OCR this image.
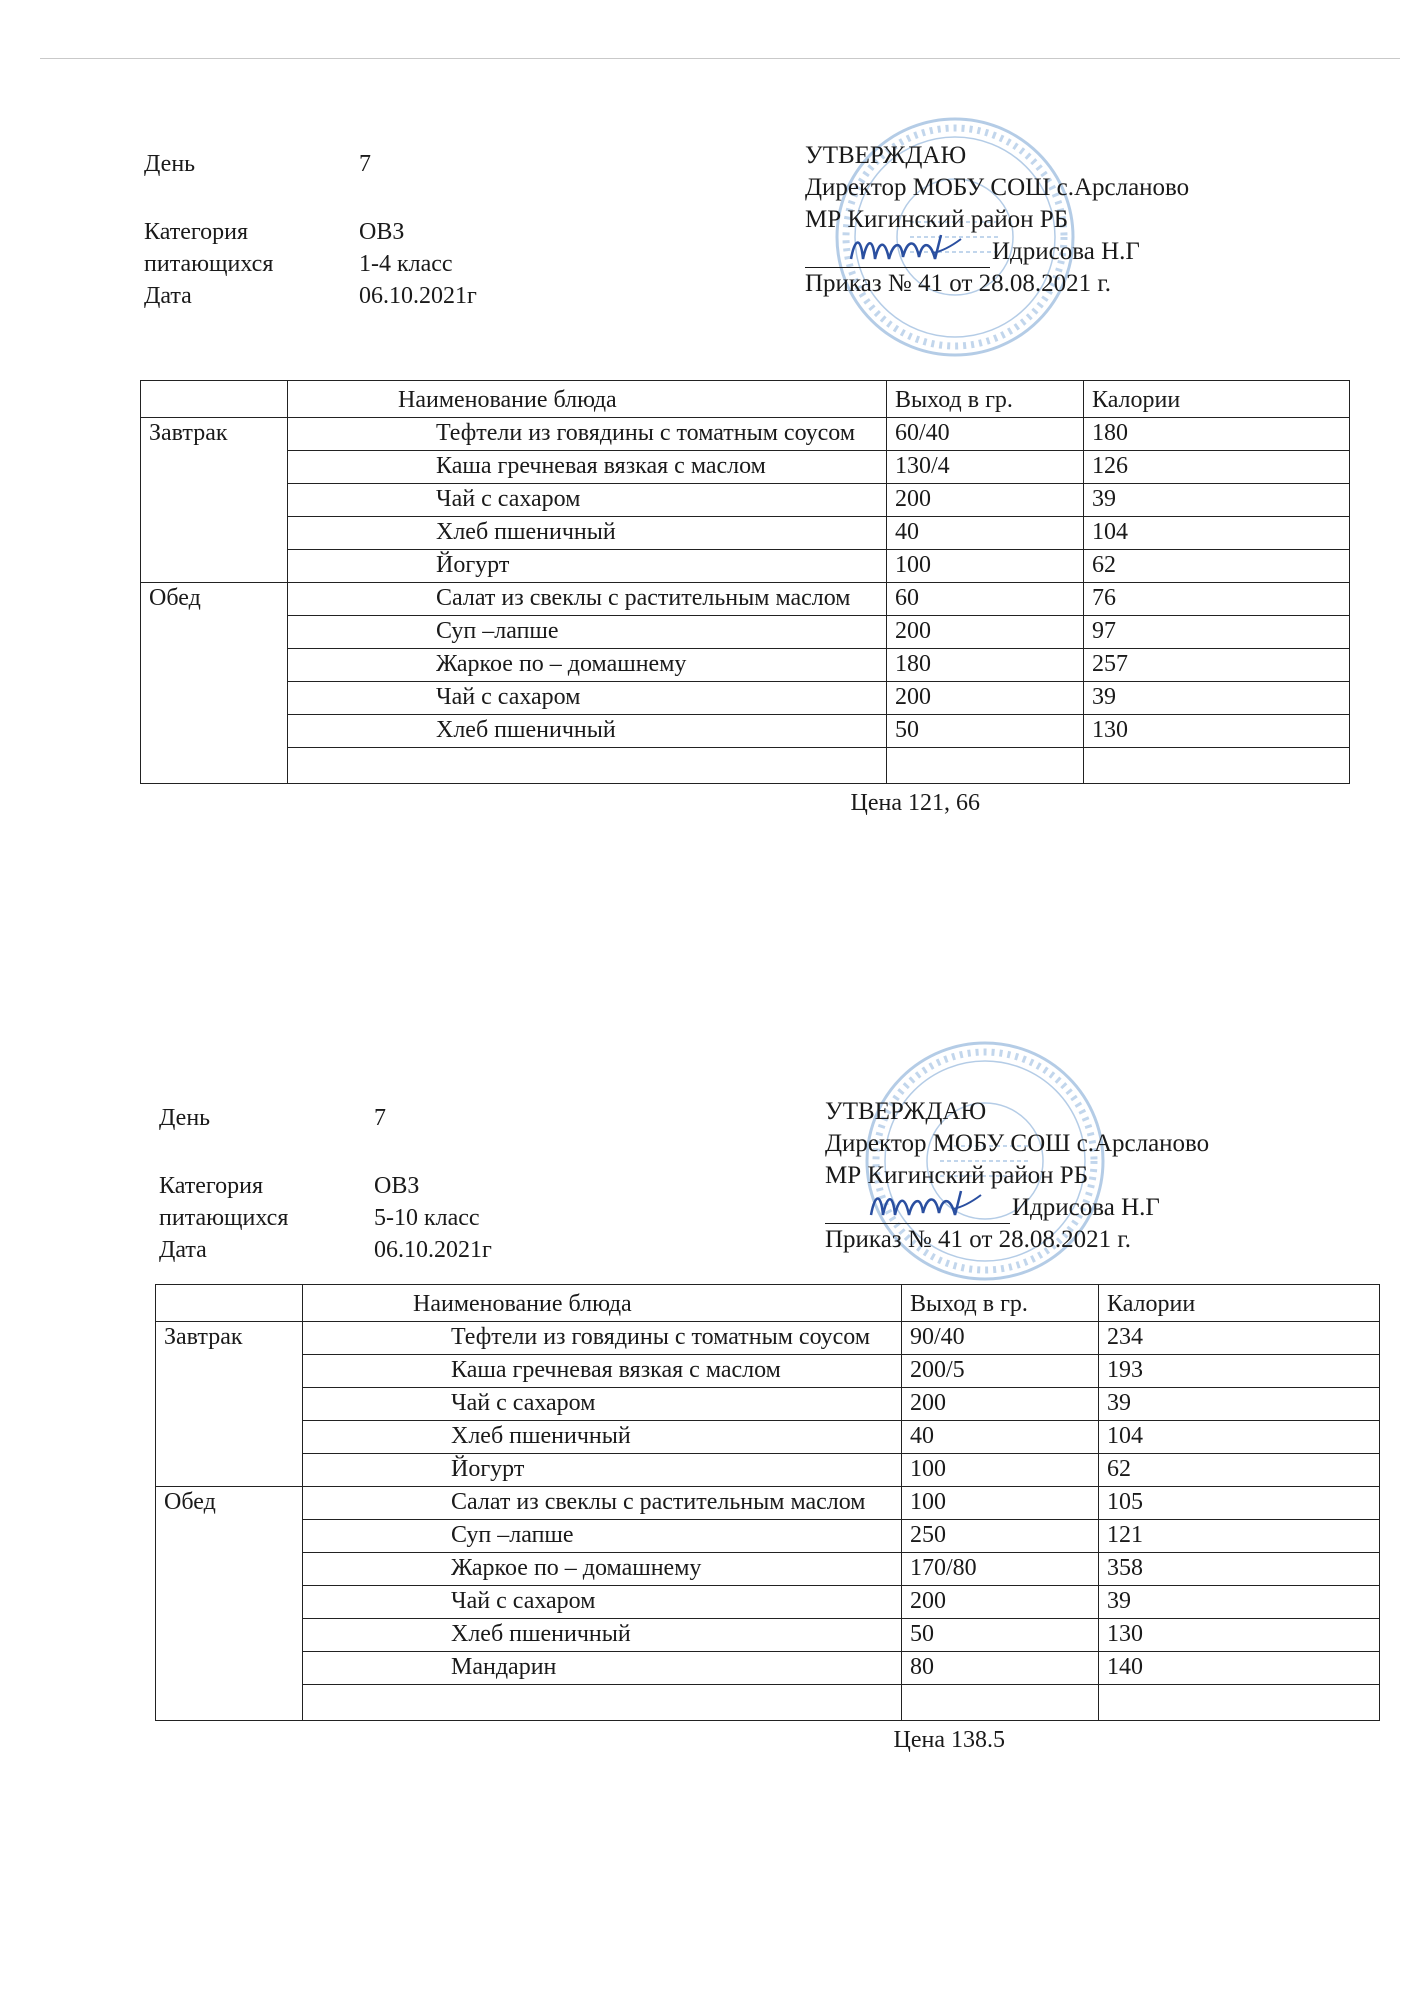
День	7
Категория	ОВЗ
питающихся	1-4 класс
Дата	06.10.2021г
УТВЕРЖДАЮ
Директор МОБУ СОШ с.Арсланово
МР Кигинский район РБ
Идрисова Н.Г
Приказ № 41 от 28.08.2021 г.
	Наименование блюда	Выход в гр.	Калории
Завтрак	Тефтели из говядины с томатным соусом	60/40	180

	Каша гречневая вязкая с маслом	130/4	126

	Чай с сахаром	200	39

	Хлеб пшеничный	40	104

	Йогурт	100	62
Обед	Салат из свеклы с растительным маслом	60	76

	Суп –лапше	200	97

	Жаркое по – домашнему	180	257

	Чай с сахаром	200	39

	Хлеб пшеничный	50	130

Цена 121, 66
День	7
Категория	ОВЗ
питающихся	5-10 класс
Дата	06.10.2021г
УТВЕРЖДАЮ
Директор МОБУ СОШ с.Арсланово
МР Кигинский район РБ
Идрисова Н.Г
Приказ № 41 от 28.08.2021 г.
	Наименование блюда	Выход в гр.	Калории
Завтрак	Тефтели из говядины с томатным соусом	90/40	234

	Каша гречневая вязкая с маслом	200/5	193

	Чай с сахаром	200	39

	Хлеб пшеничный	40	104

	Йогурт	100	62
Обед	Салат из свеклы с растительным маслом	100	105

	Суп –лапше	250	121

	Жаркое по – домашнему	170/80	358

	Чай с сахаром	200	39

	Хлеб пшеничный	50	130

	Мандарин	80	140

Цена 138.5
